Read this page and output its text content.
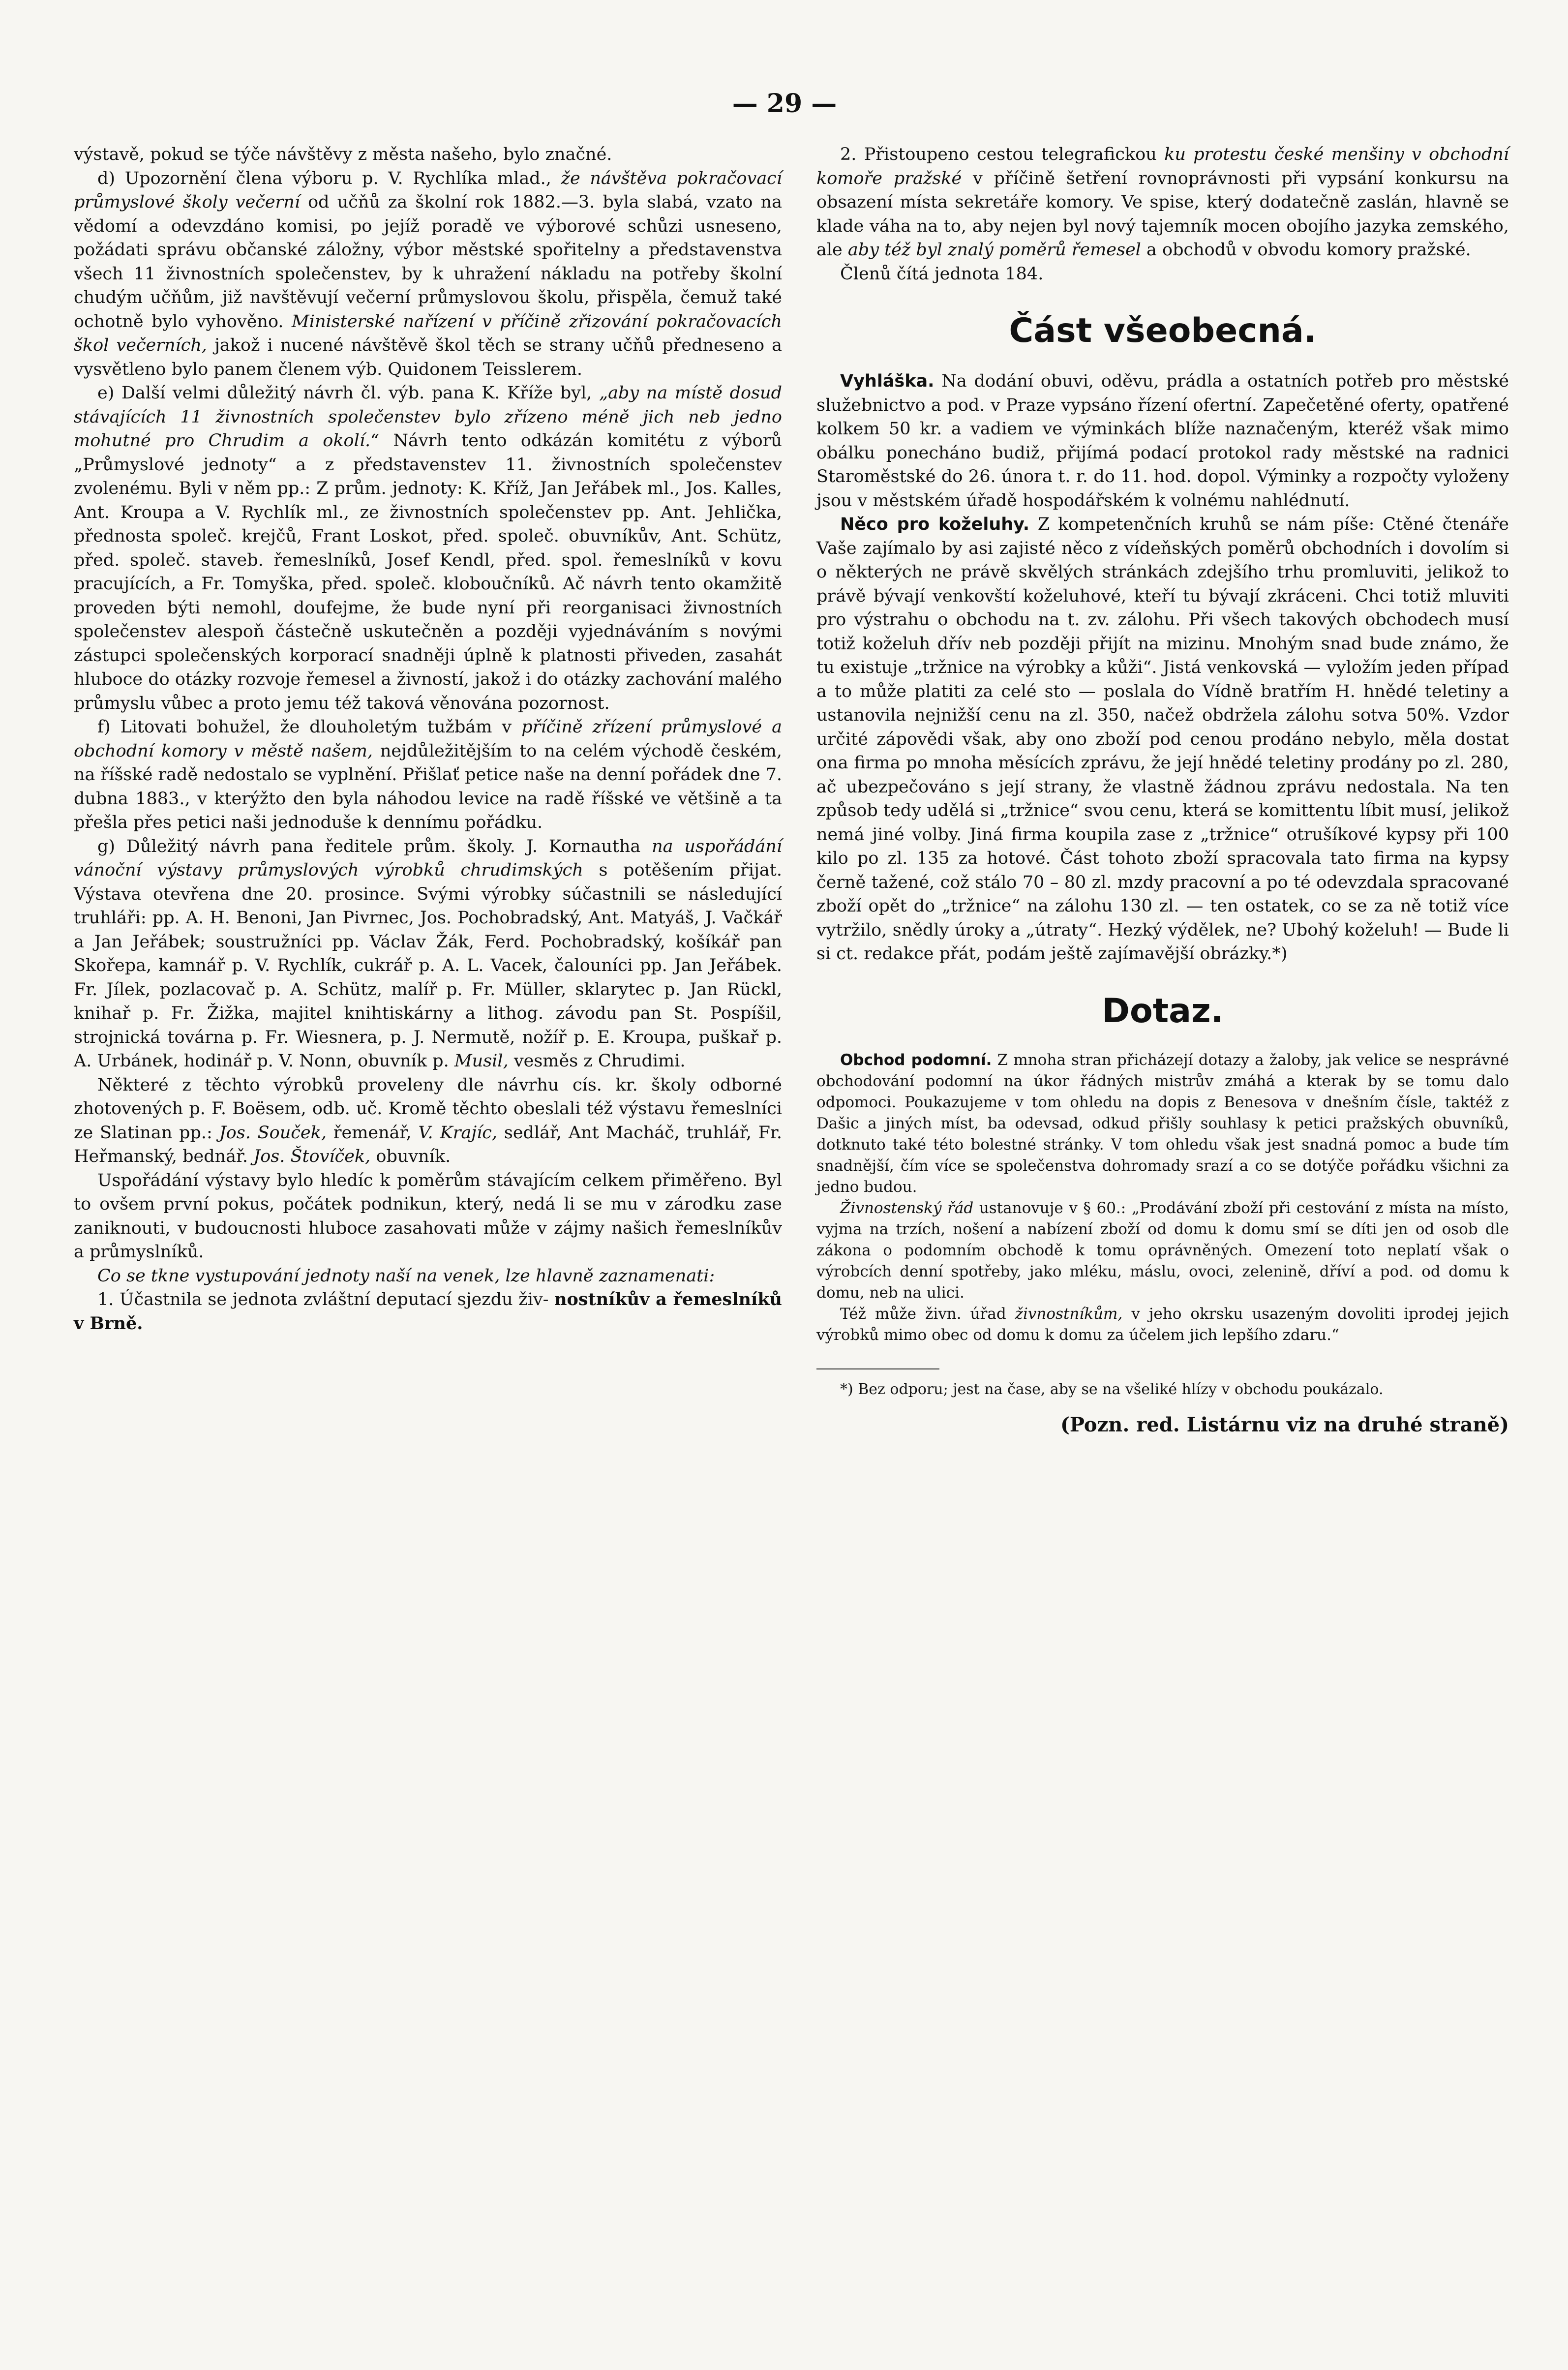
— 29 —

výstavě, pokud se týče návštěvy z města našeho, bylo značné.

d) Upozornění člena výboru p. V. Rychlíka mlad., že návštěva pokračovací průmyslové školy večerní od učňů za školní rok 1882.—3. byla slabá, vzato na vědomí a odevzdáno komisi, po jejíž poradě ve výborové schůzi usneseno, požádati správu občanské záložny, výbor městské spořitelny a představenstva všech 11 živnostních společenstev, by k uhražení nákladu na potřeby školní chudým učňům, již navštěvují večerní průmyslovou školu, přispěla, čemuž také ochotně bylo vyhověno. Ministerské nařízení v příčině zřizování pokračovacích škol večerních, jakož i nucené návštěvě škol těch se strany učňů předneseno a vysvětleno bylo panem členem výb. Quidonem Teisslerem.

e) Další velmi důležitý návrh čl. výb. pana K. Kříže byl, „aby na místě dosud stávajících 11 živnostních společenstev bylo zřízeno méně jich neb jedno mohutné pro Chrudim a okolí.“ Návrh tento odkázán komitétu z výborů „Průmyslové jednoty“ a z představenstev 11. živnostních společenstev zvolenému. Byli v něm pp.: Z prům. jednoty: K. Kříž, Jan Jeřábek ml., Jos. Kalles, Ant. Kroupa a V. Rychlík ml., ze živnostních společenstev pp. Ant. Jehlička, přednosta společ. krejčů, Frant Loskot, před. společ. obuvníkův, Ant. Schütz, před. společ. staveb. řemeslníků, Josef Kendl, před. spol. řemeslníků v kovu pracujících, a Fr. Tomyška, před. společ. kloboučníků. Ač návrh tento okamžitě proveden býti nemohl, doufejme, že bude nyní při reorganisaci živnostních společenstev alespoň částečně uskutečněn a později vyjednáváním s novými zástupci společenských korporací snadněji úplně k platnosti přiveden, zasahát hluboce do otázky rozvoje řemesel a živností, jakož i do otázky zachování malého průmyslu vůbec a proto jemu též taková věnována pozornost.

f) Litovati bohužel, že dlouholetým tužbám v příčině zřízení průmyslové a obchodní komory v městě našem, nejdůležitějším to na celém východě českém, na říšské radě nedostalo se vyplnění. Přišlať petice naše na denní pořádek dne 7. dubna 1883., v kterýžto den byla náhodou levice na radě říšské ve většině a ta přešla přes petici naši jednoduše k dennímu pořádku.

g) Důležitý návrh pana ředitele prům. školy. J. Kornautha na uspořádání vánoční výstavy průmyslových výrobků chrudimských s potěšením přijat. Výstava otevřena dne 20. prosince. Svými výrobky súčastnili se následující truhláři: pp. A. H. Benoni, Jan Pivrnec, Jos. Pochobradský, Ant. Matyáš, J. Vačkář a Jan Jeřábek; soustružníci pp. Václav Žák, Ferd. Pochobradský, košíkář pan Skořepa, kamnář p. V. Rychlík, cukrář p. A. L. Vacek, čalouníci pp. Jan Jeřábek. Fr. Jílek, pozlacovač p. A. Schütz, malíř p. Fr. Müller, sklarytec p. Jan Rückl, knihař p. Fr. Žižka, majitel knihtiskárny a lithog. závodu pan St. Pospíšil, strojnická továrna p. Fr. Wiesnera, p. J. Nermutě, nožíř p. E. Kroupa, puškař p. A. Urbánek, hodinář p. V. Nonn, obuvník p. Musil, vesměs z Chrudimi.

Některé z těchto výrobků proveleny dle návrhu cís. kr. školy odborné zhotovených p. F. Boësem, odb. uč. Kromě těchto obeslali též výstavu řemeslníci ze Slatinan pp.: Jos. Souček, řemenář, V. Krajíc, sedlář, Ant Macháč, truhlář, Fr. Heřmanský, bednář. Jos. Štovíček, obuvník.

Uspořádání výstavy bylo hledíc k poměrům stávajícím celkem přiměřeno. Byl to ovšem první pokus, počátek podnikun, který, nedá li se mu v zárodku zase zaniknouti, v budoucnosti hluboce zasahovati může v zájmy našich řemeslníkův a průmyslníků.

Co se tkne vystupování jednoty naší na venek, lze hlavně zaznamenati:

1. Účastnila se jednota zvláštní deputací sjezdu živ- nostníkův a řemeslníků v Brně.

2. Přistoupeno cestou telegrafickou ku protestu české menšiny v obchodní komoře pražské v příčině šetření rovnoprávnosti při vypsání konkursu na obsazení místa sekretáře komory. Ve spise, který dodatečně zaslán, hlavně se klade váha na to, aby nejen byl nový tajemník mocen obojího jazyka zemského, ale aby též byl znalý poměrů řemesel a obchodů v obvodu komory pražské.

Členů čítá jednota 184.

Část všeobecná.

Vyhláška. Na dodání obuvi, oděvu, prádla a ostatních potřeb pro městské služebnictvo a pod. v Praze vypsáno řízení ofertní. Zapečetěné oferty, opatřené kolkem 50 kr. a vadiem ve výminkách blíže naznačeným, kteréž však mimo obálku ponecháno budiž, přijímá podací protokol rady městské na radnici Staroměstské do 26. února t. r. do 11. hod. dopol. Výminky a rozpočty vyloženy jsou v městském úřadě hospodářském k volnému nahlédnutí.

Něco pro koželuhy. Z kompetenčních kruhů se nám píše: Ctěné čtenáře Vaše zajímalo by asi zajisté něco z vídeňských poměrů obchodních i dovolím si o některých ne právě skvělých stránkách zdejšího trhu promluviti, jelikož to právě bývají venkovští koželuhové, kteří tu bývají zkráceni. Chci totiž mluviti pro výstrahu o obchodu na t. zv. zálohu. Při všech takových obchodech musí totiž koželuh dřív neb později přijít na mizinu. Mnohým snad bude známo, že tu existuje „tržnice na výrobky a kůži“. Jistá venkovská — vyložím jeden případ a to může platiti za celé sto — poslala do Vídně bratřím H. hnědé teletiny a ustanovila nejnižší cenu na zl. 350, načež obdržela zálohu sotva 50%. Vzdor určité zápovědi však, aby ono zboží pod cenou prodáno nebylo, měla dostat ona firma po mnoha měsících zprávu, že její hnědé teletiny prodány po zl. 280, ač ubezpečováno s její strany, že vlastně žádnou zprávu nedostala. Na ten způsob tedy udělá si „tržnice“ svou cenu, která se komittentu líbit musí, jelikož nemá jiné volby. Jiná firma koupila zase z „tržnice“ otrušíkové kypsy při 100 kilo po zl. 135 za hotové. Část tohoto zboží spracovala tato firma na kypsy černě tažené, což stálo 70 – 80 zl. mzdy pracovní a po té odevzdala spracované zboží opět do „tržnice“ na zálohu 130 zl. — ten ostatek, co se za ně totiž více vytržilo, snědly úroky a „útraty“. Hezký výdělek, ne? Ubohý koželuh! — Bude li si ct. redakce přát, podám ještě zajímavější obrázky.*)

Dotaz.

Obchod podomní. Z mnoha stran přicházejí dotazy a žaloby, jak velice se nesprávné obchodování podomní na úkor řádných mistrův zmáhá a kterak by se tomu dalo odpomoci. Poukazujeme v tom ohledu na dopis z Benesova v dnešním čísle, taktéž z Dašic a jiných míst, ba odevsad, odkud přišly souhlasy k petici pražských obuvníků, dotknuto také této bolestné stránky. V tom ohledu však jest snadná pomoc a bude tím snadnější, čím více se společenstva dohromady srazí a co se dotýče pořádku všichni za jedno budou.

Živnostenský řád ustanovuje v § 60.: „Prodávání zboží při cestování z místa na místo, vyjma na trzích, nošení a nabízení zboží od domu k domu smí se díti jen od osob dle zákona o podomním obchodě k tomu oprávněných. Omezení toto neplatí však o výrobcích denní spotřeby, jako mléku, máslu, ovoci, zelenině, dříví a pod. od domu k domu, neb na ulici.

Též může živn. úřad živnostníkům, v jeho okrsku usazeným dovoliti iprodej jejich výrobků mimo obec od domu k domu za účelem jich lepšího zdaru.“

*) Bez odporu; jest na čase, aby se na všeliké hlízy v obchodu poukázalo.

(Pozn. red. Listárnu viz na druhé straně)
